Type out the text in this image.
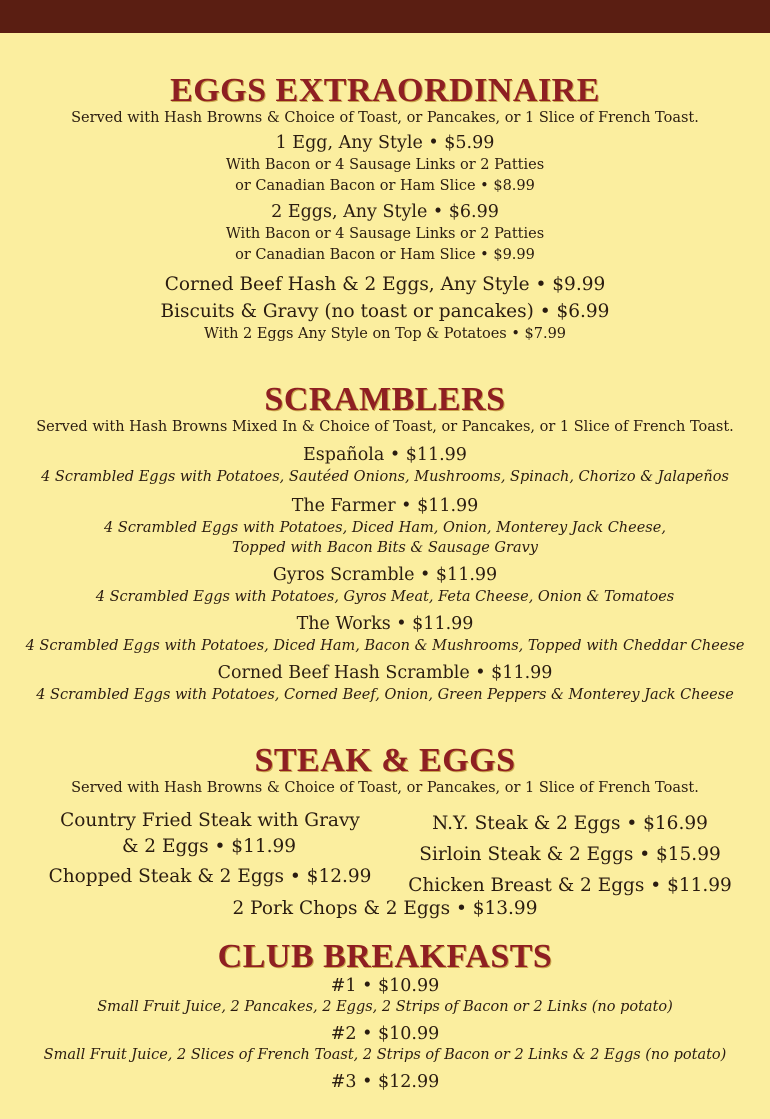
EGGS EXTRAORDINAIRE
Served with Hash Browns & Choice of Toast, or Pancakes, or 1 Slice of French Toast.
1 Egg, Any Style • $5.99
With Bacon or 4 Sausage Links or 2 Patties
or Canadian Bacon or Ham Slice • $8.99
2 Eggs, Any Style • $6.99
With Bacon or 4 Sausage Links or 2 Patties
or Canadian Bacon or Ham Slice • $9.99
Corned Beef Hash & 2 Eggs, Any Style • $9.99
Biscuits & Gravy (no toast or pancakes) • $6.99
With 2 Eggs Any Style on Top & Potatoes • $7.99
SCRAMBLERS
Served with Hash Browns Mixed In & Choice of Toast, or Pancakes, or 1 Slice of French Toast.
Española • $11.99
4 Scrambled Eggs with Potatoes, Sautéed Onions, Mushrooms, Spinach, Chorizo & Jalapeños
The Farmer • $11.99
4 Scrambled Eggs with Potatoes, Diced Ham, Onion, Monterey Jack Cheese,
Topped with Bacon Bits & Sausage Gravy
Gyros Scramble • $11.99
4 Scrambled Eggs with Potatoes, Gyros Meat, Feta Cheese, Onion & Tomatoes
The Works • $11.99
4 Scrambled Eggs with Potatoes, Diced Ham, Bacon & Mushrooms, Topped with Cheddar Cheese
Corned Beef Hash Scramble • $11.99
4 Scrambled Eggs with Potatoes, Corned Beef, Onion, Green Peppers & Monterey Jack Cheese
STEAK & EGGS
Served with Hash Browns & Choice of Toast, or Pancakes, or 1 Slice of French Toast.
Country Fried Steak with Gravy
& 2 Eggs • $11.99
Chopped Steak & 2 Eggs • $12.99
N.Y. Steak & 2 Eggs • $16.99
Sirloin Steak & 2 Eggs • $15.99
Chicken Breast & 2 Eggs • $11.99
2 Pork Chops & 2 Eggs • $13.99
CLUB BREAKFASTS
#1 • $10.99
Small Fruit Juice, 2 Pancakes, 2 Eggs, 2 Strips of Bacon or 2 Links (no potato)
#2 • $10.99
Small Fruit Juice, 2 Slices of French Toast, 2 Strips of Bacon or 2 Links & 2 Eggs (no potato)
#3 • $12.99
